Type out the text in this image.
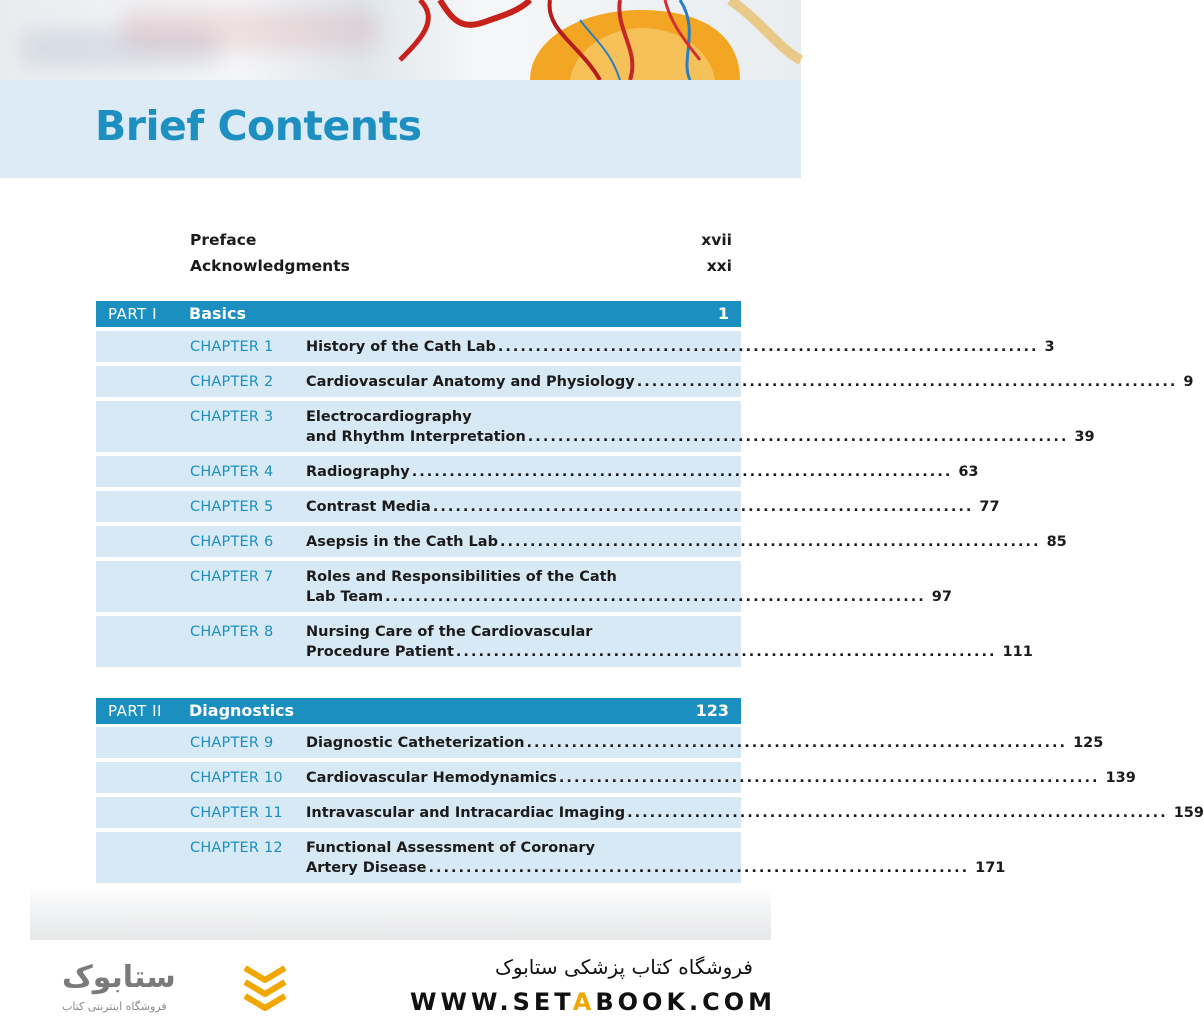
Brief Contents
Preface	xvii
Acknowledgments	xxi
PART I Basics	1
CHAPTER 1 History of the Cath Lab ........................................................................ 3
CHAPTER 2 Cardiovascular Anatomy and Physiology ........................................................................ 9
CHAPTER 3 Electrocardiography
and Rhythm Interpretation ........................................................................ 39
CHAPTER 4 Radiography ........................................................................ 63
CHAPTER 5 Contrast Media ........................................................................ 77
CHAPTER 6 Asepsis in the Cath Lab ........................................................................ 85
CHAPTER 7 Roles and Responsibilities of the Cath
Lab Team ........................................................................ 97
CHAPTER 8 Nursing Care of the Cardiovascular
Procedure Patient ........................................................................ 111
PART II Diagnostics	123
CHAPTER 9 Diagnostic Catheterization ........................................................................ 125
CHAPTER 10 Cardiovascular Hemodynamics ........................................................................ 139
CHAPTER 11 Intravascular and Intracardiac Imaging ........................................................................ 159
CHAPTER 12 Functional Assessment of Coronary
Artery Disease ........................................................................ 171
ستابوک
فروشگاه اینترنتی کتاب
فروشگاه کتاب پزشکی ستابوک
WWW.SETABOOK.COM
